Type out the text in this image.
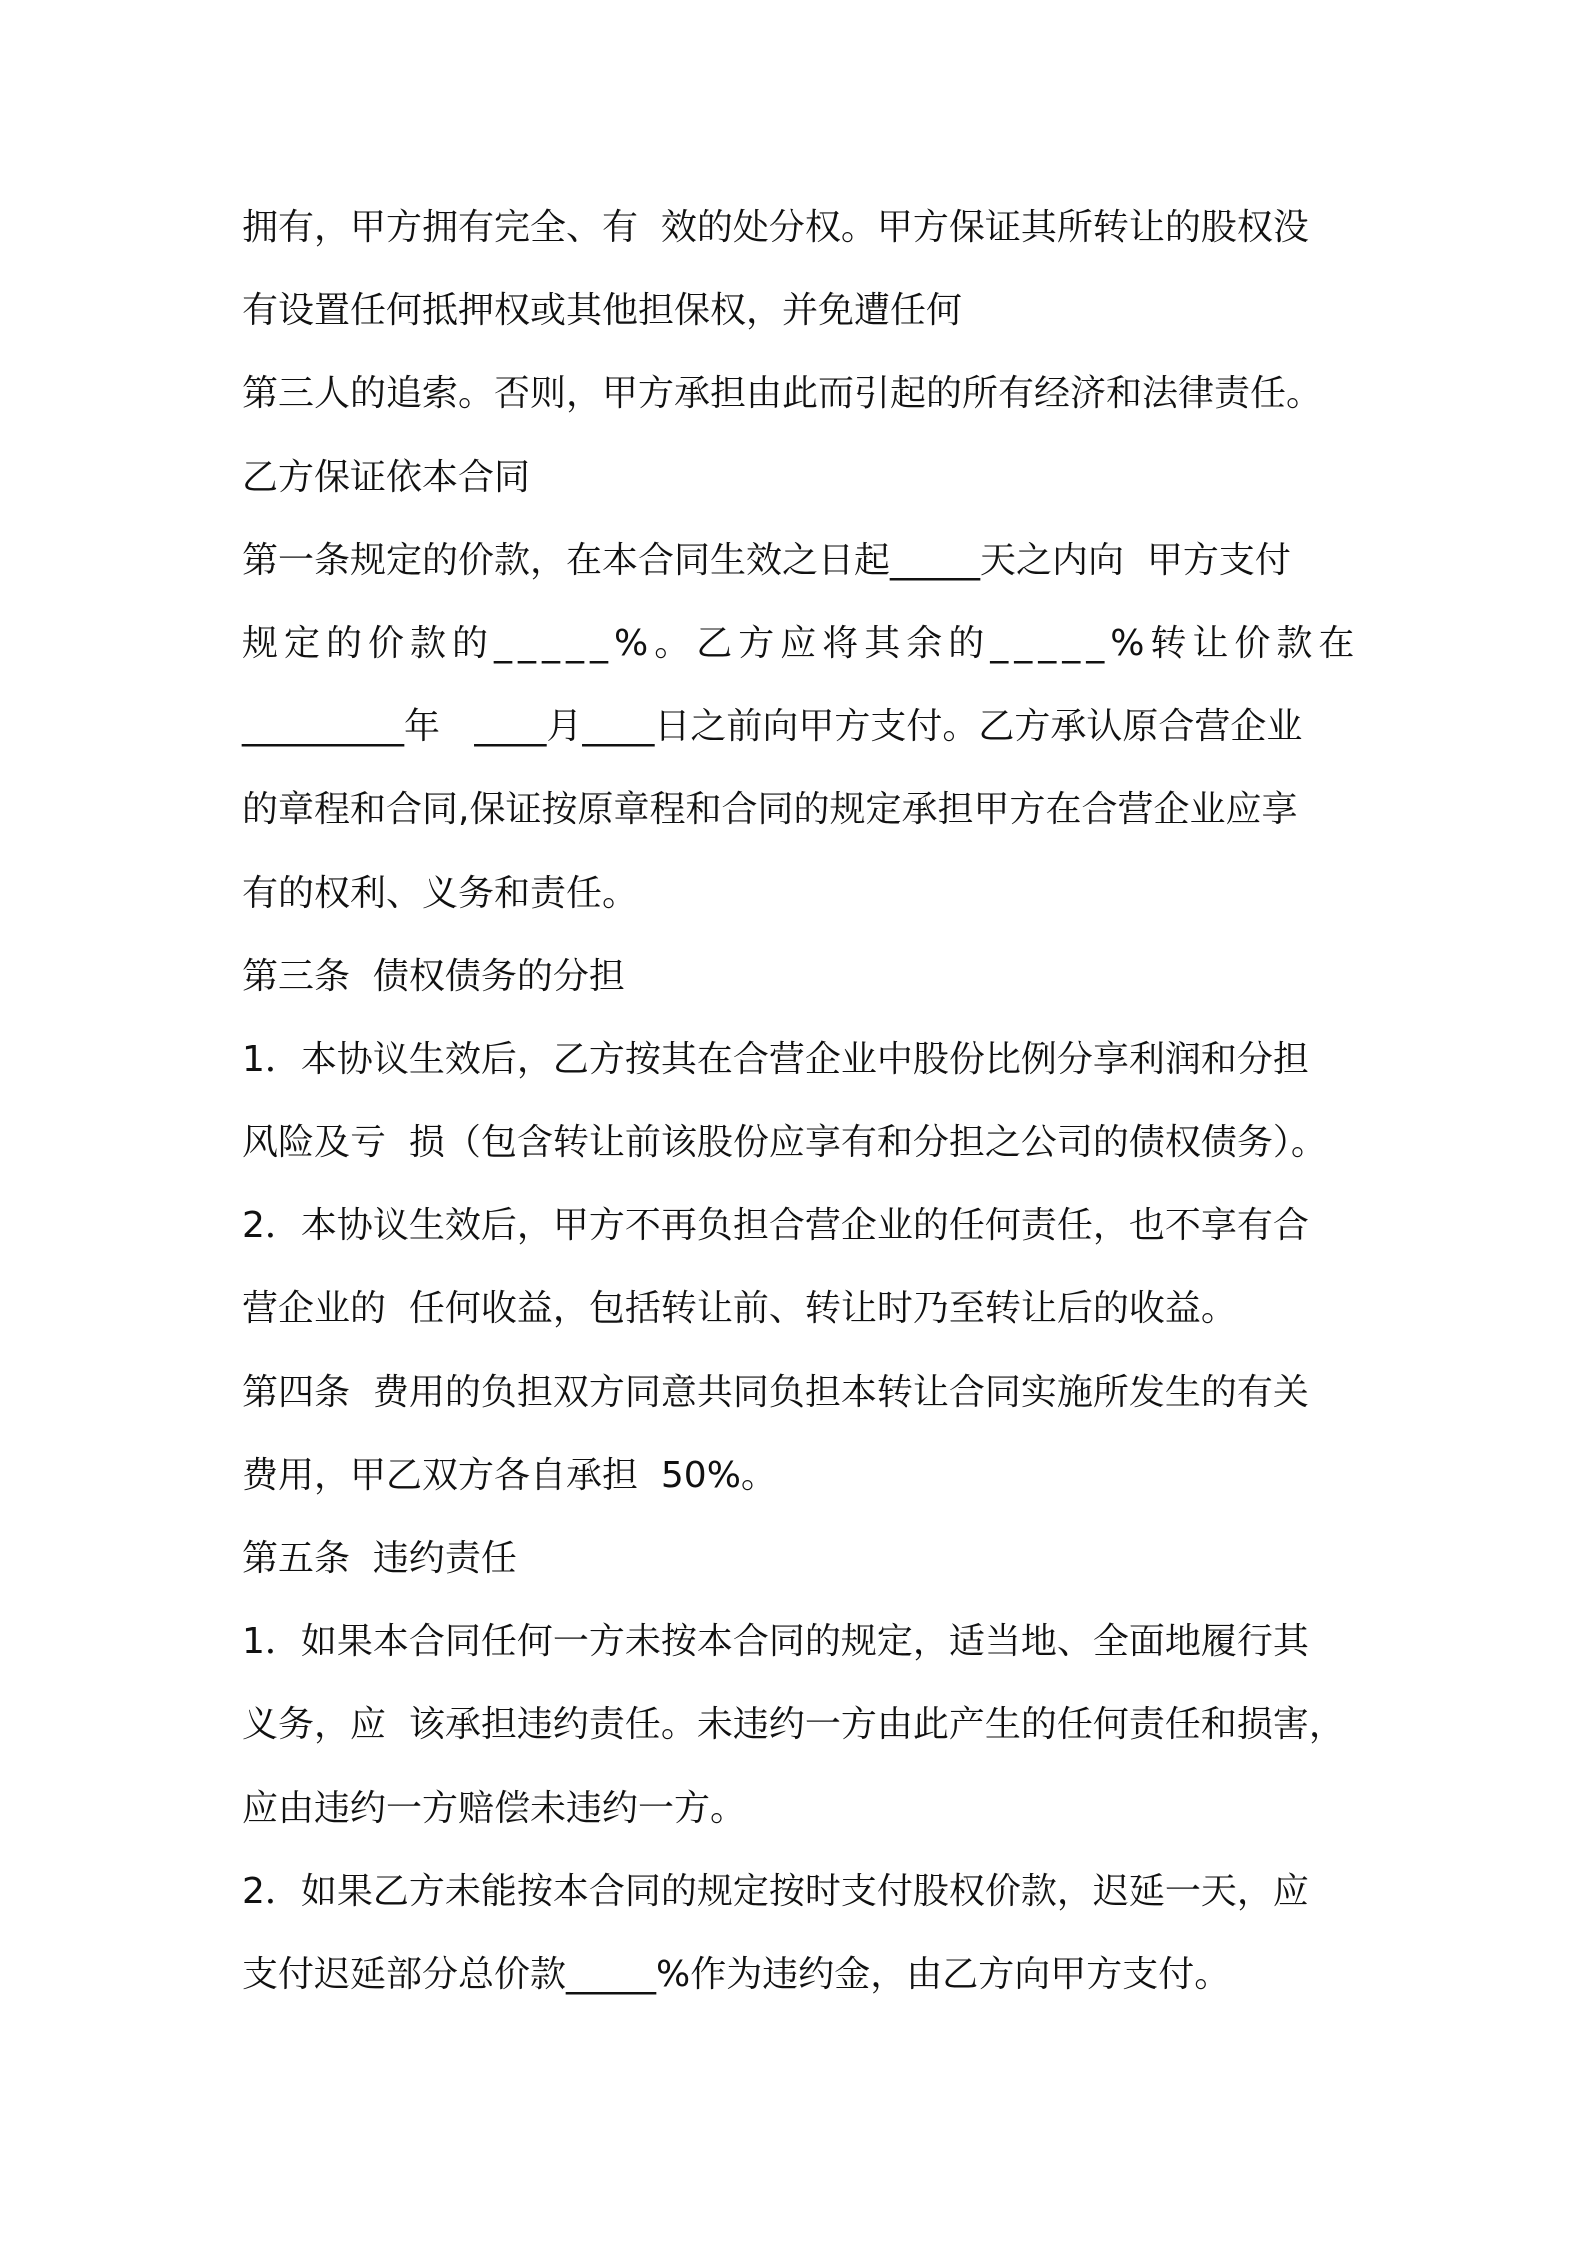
拥有，甲方拥有完全、有  效的处分权。甲方保证其所转让的股权没
有设置任何抵押权或其他担保权，并免遭任何
第三人的追索。否则，甲方承担由此而引起的所有经济和法律责任。
乙方保证依本合同
第一条规定的价款，在本合同生效之日起_____天之内向  甲方支付
规定的价款的_____%。乙方应将其余的_____%转让价款在
_________年   ____月____日之前向甲方支付。乙方承认原合营企业
的章程和合同,保证按原章程和合同的规定承担甲方在合营企业应享
有的权利、义务和责任。
第三条  债权债务的分担
1．本协议生效后，乙方按其在合营企业中股份比例分享利润和分担
风险及亏  损（包含转让前该股份应享有和分担之公司的债权债务）。
2．本协议生效后，甲方不再负担合营企业的任何责任，也不享有合
营企业的  任何收益，包括转让前、转让时乃至转让后的收益。
第四条  费用的负担双方同意共同负担本转让合同实施所发生的有关
费用，甲乙双方各自承担  50%。
第五条  违约责任
1．如果本合同任何一方未按本合同的规定，适当地、全面地履行其
义务，应  该承担违约责任。未违约一方由此产生的任何责任和损害，
应由违约一方赔偿未违约一方。
2．如果乙方未能按本合同的规定按时支付股权价款，迟延一天，应
支付迟延部分总价款_____%作为违约金，由乙方向甲方支付。
